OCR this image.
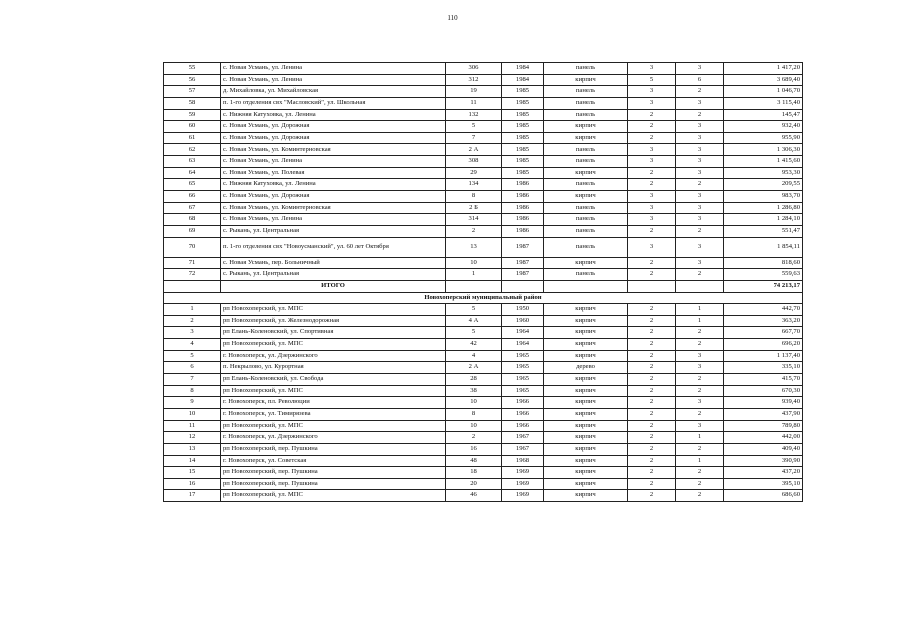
110
55	с. Новая Усмань, ул. Ленина	306	1984	панель	3	3	1 417,20
56	с. Новая Усмань, ул. Ленина	312	1984	кирпич	5	6	3 689,40
57	д. Михайловка, ул. Михайловская	19	1985	панель	3	2	1 046,70
58	п. 1-го отделения свх "Масловский", ул. Школьная	11	1985	панель	3	3	3 115,40
59	с. Нижняя Катуховка, ул. Ленина	132	1985	панель	2	2	145,47
60	с. Новая Усмань, ул. Дорожная	5	1985	кирпич	2	3	932,40
61	с. Новая Усмань, ул. Дорожная	7	1985	кирпич	2	3	955,90
62	с. Новая Усмань, ул. Коминтерновская	2 А	1985	панель	3	3	1 306,30
63	с. Новая Усмань, ул. Ленина	308	1985	панель	3	3	1 415,60
64	с. Новая Усмань, ул. Полевая	29	1985	кирпич	2	3	953,30
65	с. Нижняя Катуховка, ул. Ленина	134	1986	панель	2	2	209,55
66	с. Новая Усмань, ул. Дорожная	8	1986	кирпич	3	3	983,70
67	с. Новая Усмань, ул. Коминтерновская	2 Б	1986	панель	3	3	1 286,80
68	с. Новая Усмань, ул. Ленина	314	1986	панель	3	3	1 284,10
69	с. Рыкань, ул. Центральная	2	1986	панель	2	2	551,47
70	п. 1-го отделения свх "Новоусманский", ул. 60 лет Октября	13	1987	панель	3	3	1 854,11
71	с. Новая Усмань, пер. Больничный	10	1987	кирпич	2	3	818,60
72	с. Рыкань, ул. Центральная	1	1987	панель	2	2	559,63
	ИТОГО						74 213,17
Новохоперский муниципальный район							
1	рп Новохоперский, ул. МПС	5	1950	кирпич	2	1	442,70
2	рп Новохоперский, ул. Железнодорожная	4 А	1960	кирпич	2	1	363,20
3	рп Елань-Коленовский, ул. Спортивная	5	1964	кирпич	2	2	667,70
4	рп Новохоперский, ул. МПС	42	1964	кирпич	2	2	696,20
5	г. Новохоперск, ул. Дзержинского	4	1965	кирпич	2	3	1 137,40
6	п. Некрылово, ул. Курортная	2 А	1965	дерево	2	3	335,10
7	рп Елань-Коленовский, ул. Свобода	28	1965	кирпич	2	2	415,70
8	рп Новохоперский, ул. МПС	38	1965	кирпич	2	2	670,30
9	г. Новохоперск, пл. Революции	10	1966	кирпич	2	3	939,40
10	г. Новохоперск, ул. Тимирязева	8	1966	кирпич	2	2	437,90
11	рп Новохоперский, ул. МПС	10	1966	кирпич	2	3	789,80
12	г. Новохоперск, ул. Дзержинского	2	1967	кирпич	2	1	442,00
13	рп Новохоперский, пер. Пушкина	16	1967	кирпич	2	2	409,40
14	г. Новохоперск, ул. Советская	48	1968	кирпич	2	1	390,90
15	рп Новохоперский, пер. Пушкина	18	1969	кирпич	2	2	437,20
16	рп Новохоперский, пер. Пушкина	20	1969	кирпич	2	2	395,10
17	рп Новохоперский, ул. МПС	46	1969	кирпич	2	2	686,60
